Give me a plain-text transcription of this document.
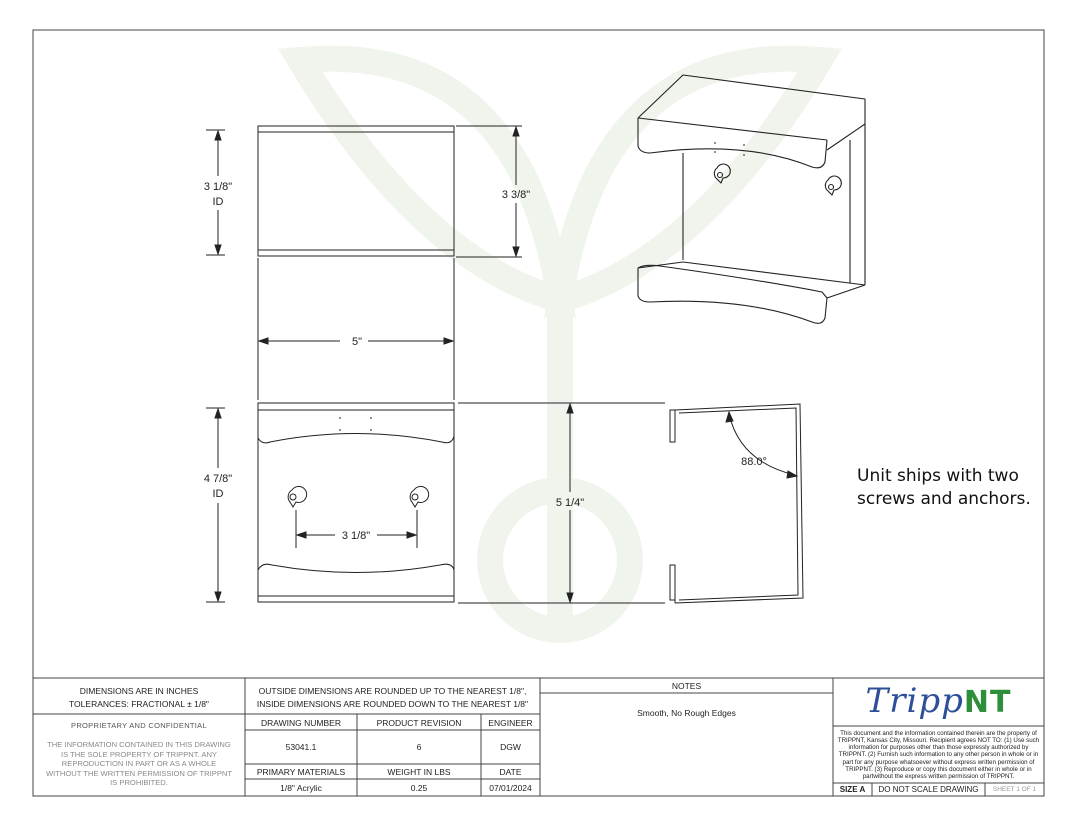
3 1/8"
ID
3 3/8"
5"
4 7/8"
ID
3 1/8"
5 1/4"
88.0°
Unit ships with two
screws and anchors.
DIMENSIONS ARE IN INCHES
TOLERANCES: FRACTIONAL ± 1/8"
OUTSIDE DIMENSIONS ARE ROUNDED UP TO THE NEAREST 1/8",
INSIDE DIMENSIONS ARE ROUNDED DOWN TO THE NEAREST 1/8"
PROPRIETARY AND CONFIDENTIAL
THE INFORMATION CONTAINED IN THIS DRAWING IS THE SOLE PROPERTY OF TRIPPNT. ANY REPRODUCTION IN PART OR AS A WHOLE WITHOUT THE WRITTEN PERMISSION OF TRIPPNT IS PROHIBITED.
DRAWING NUMBER	PRODUCT REVISION	ENGINEER
53041.1	6	DGW
PRIMARY MATERIALS	WEIGHT IN LBS	DATE
1/8" Acrylic	0.25	07/01/2024
NOTES
Smooth, No Rough Edges	TrippNT
This document and the information contained therein are the property of TRIPPNT, Kansas City, Missouri. Recipient agrees NOT TO: (1) Use such information for purposes other than those expressly authorized by TRIPPNT. (2) Furnish such information to any other person in whole or in part for any purpose whatsoever without express written permission of TRIPPNT. (3) Reproduce or copy this document either in whole or in partwithout the express written permission of TRIPPNT.
SIZE A	DO NOT SCALE DRAWING	SHEET 1 OF 1
